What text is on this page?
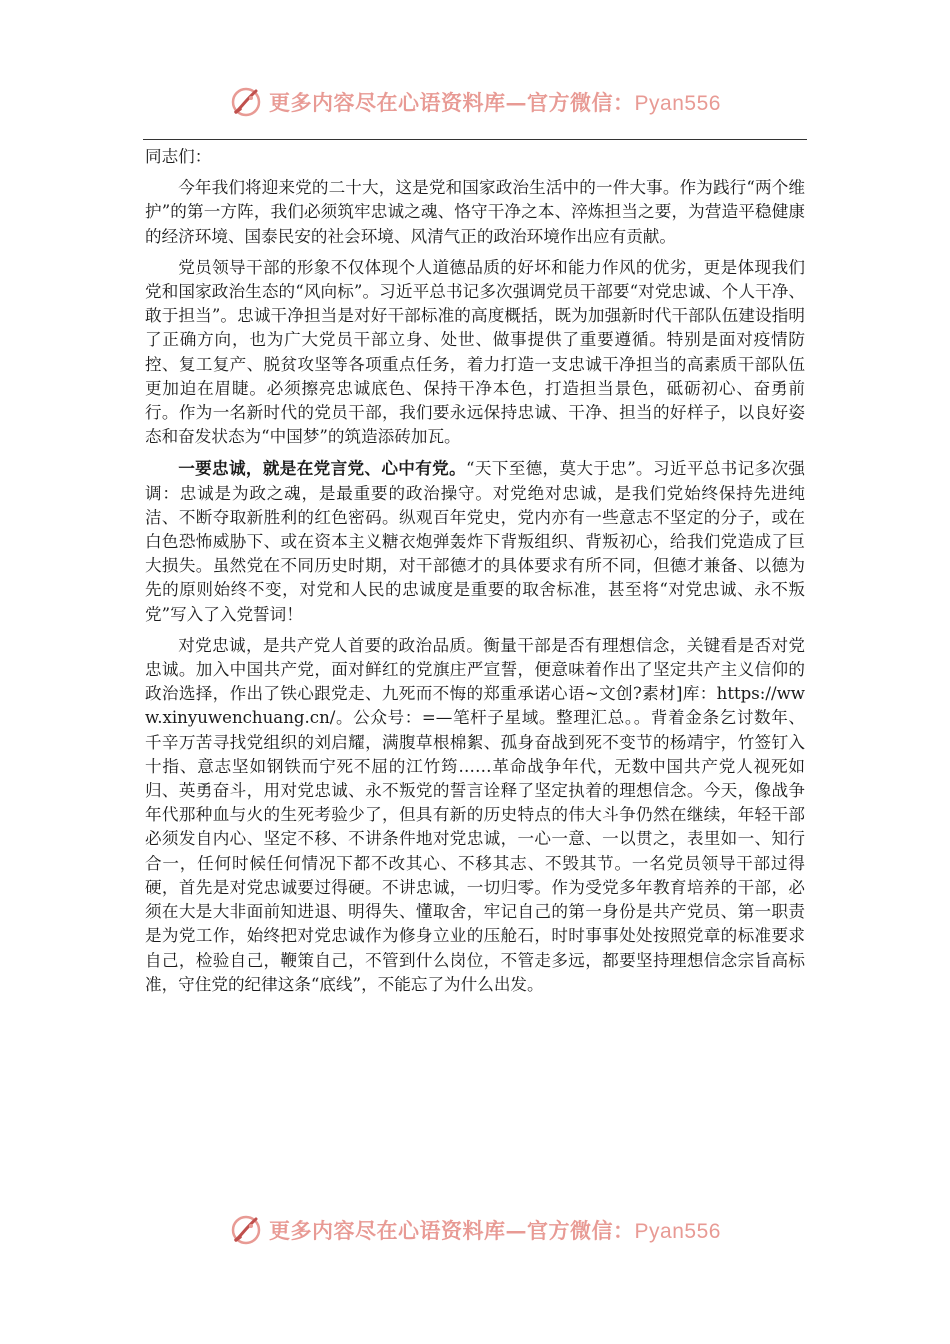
更多内容尽在心语资料库—官方微信：Pyan556

同志们：

今年我们将迎来党的二十大，这是党和国家政治生活中的一件大事。作为践行“两个维护”的第一方阵，我们必须筑牢忠诚之魂、恪守干净之本、淬炼担当之要，为营造平稳健康的经济环境、国泰民安的社会环境、风清气正的政治环境作出应有贡献。

党员领导干部的形象不仅体现个人道德品质的好坏和能力作风的优劣，更是体现我们党和国家政治生态的“风向标”。习近平总书记多次强调党员干部要“对党忠诚、个人干净、敢于担当”。忠诚干净担当是对好干部标准的高度概括，既为加强新时代干部队伍建设指明了正确方向，也为广大党员干部立身、处世、做事提供了重要遵循。特别是面对疫情防控、复工复产、脱贫攻坚等各项重点任务，着力打造一支忠诚干净担当的高素质干部队伍更加迫在眉睫。必须擦亮忠诚底色、保持干净本色，打造担当景色，砥砺初心、奋勇前行。作为一名新时代的党员干部，我们要永远保持忠诚、干净、担当的好样子，以良好姿态和奋发状态为“中国梦”的筑造添砖加瓦。

一要忠诚，就是在党言党、心中有党。“天下至德，莫大于忠”。习近平总书记多次强调：忠诚是为政之魂，是最重要的政治操守。对党绝对忠诚，是我们党始终保持先进纯洁、不断夺取新胜利的红色密码。纵观百年党史，党内亦有一些意志不坚定的分子，或在白色恐怖威胁下、或在资本主义糖衣炮弹轰炸下背叛组织、背叛初心，给我们党造成了巨大损失。虽然党在不同历史时期，对干部德才的具体要求有所不同，但德才兼备、以德为先的原则始终不变，对党和人民的忠诚度是重要的取舍标准，甚至将“对党忠诚、永不叛党”写入了入党誓词！

对党忠诚，是共产党人首要的政治品质。衡量干部是否有理想信念，关键看是否对党忠诚。加入中国共产党，面对鲜红的党旗庄严宣誓，便意味着作出了坚定共产主义信仰的政治选择，作出了铁心跟党走、九死而不悔的郑重承诺心语~文创?素材]库：https://www.xinyuwenchuang.cn/。公众号：=—笔杆子星域。整理汇总。。背着金条乞讨数年、千辛万苦寻找党组织的刘启耀，满腹草根棉絮、孤身奋战到死不变节的杨靖宇，竹签钉入十指、意志坚如钢铁而宁死不屈的江竹筠……革命战争年代，无数中国共产党人视死如归、英勇奋斗，用对党忠诚、永不叛党的誓言诠释了坚定执着的理想信念。今天，像战争年代那种血与火的生死考验少了，但具有新的历史特点的伟大斗争仍然在继续，年轻干部必须发自内心、坚定不移、不讲条件地对党忠诚，一心一意、一以贯之，表里如一、知行合一，任何时候任何情况下都不改其心、不移其志、不毁其节。一名党员领导干部过得硬，首先是对党忠诚要过得硬。不讲忠诚，一切归零。作为受党多年教育培养的干部，必须在大是大非面前知进退、明得失、懂取舍，牢记自己的第一身份是共产党员、第一职责是为党工作，始终把对党忠诚作为修身立业的压舱石，时时事事处处按照党章的标准要求自己，检验自己，鞭策自己，不管到什么岗位，不管走多远，都要坚持理想信念宗旨高标准，守住党的纪律这条“底线”，不能忘了为什么出发。

更多内容尽在心语资料库—官方微信：Pyan556
